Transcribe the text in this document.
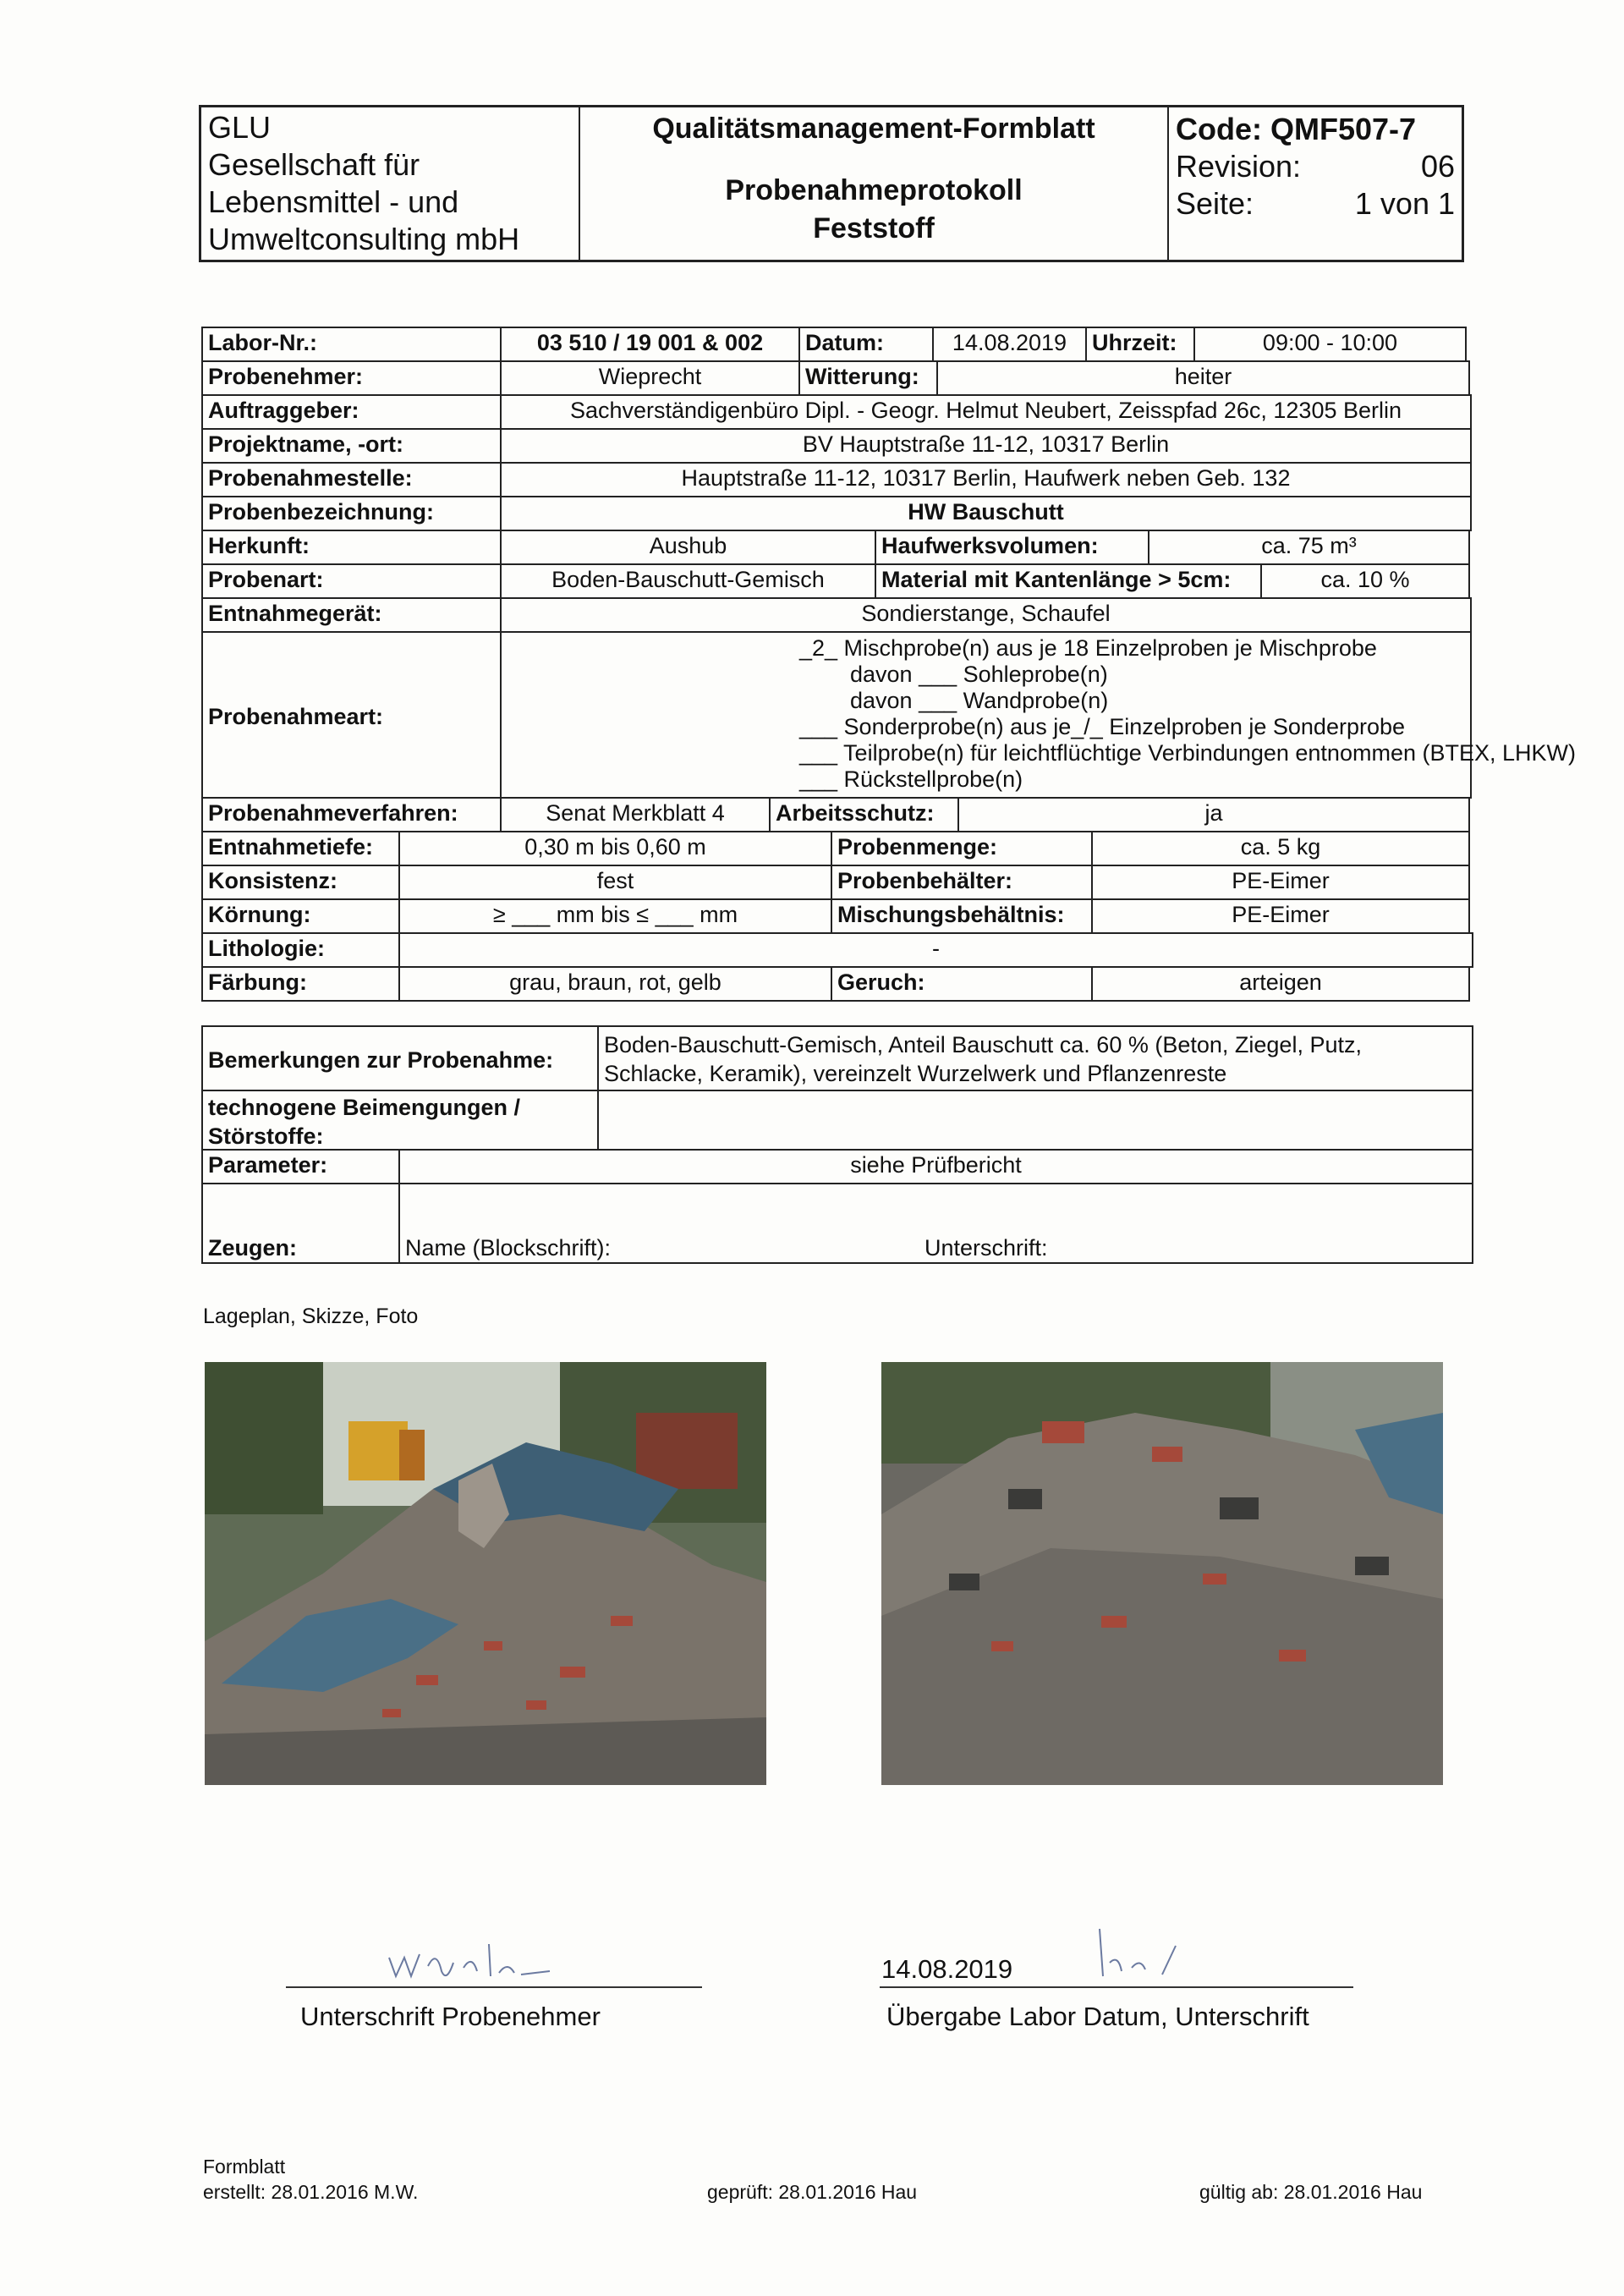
GLU
Gesellschaft für
Lebensmittel - und
Umweltconsulting mbH
Qualitätsmanagement-Formblatt
Probenahmeprotokoll
Feststoff
Code: QMF507-7
Revision:	06
Seite:	1 von 1
Labor-Nr.:	03 510 / 19 001 & 002	Datum:	14.08.2019	Uhrzeit:	09:00 - 10:00
Probenehmer:	Wieprecht	Witterung:	heiter
Auftraggeber:	Sachverständigenbüro Dipl. - Geogr. Helmut Neubert, Zeisspfad 26c, 12305 Berlin
Projektname, -ort:	BV Hauptstraße 11-12, 10317 Berlin
Probenahmestelle:	Hauptstraße 11-12, 10317 Berlin, Haufwerk neben Geb. 132
Probenbezeichnung:	HW Bauschutt
Herkunft:	Aushub	Haufwerksvolumen:	ca. 75 m³
Probenart:	Boden-Bauschutt-Gemisch	Material mit Kantenlänge > 5cm:	ca. 10 %
Entnahmegerät:	Sondierstange, Schaufel
Probenahmeart:
_2_ Mischprobe(n) aus je 18 Einzelproben je Mischprobe
davon ___ Sohleprobe(n)
davon ___ Wandprobe(n)
___ Sonderprobe(n) aus je_/_ Einzelproben je Sonderprobe
___ Teilprobe(n) für leichtflüchtige Verbindungen entnommen (BTEX, LHKW)
___ Rückstellprobe(n)
Probenahmeverfahren:	Senat Merkblatt 4	Arbeitsschutz:	ja
Entnahmetiefe:	0,30 m bis 0,60 m	Probenmenge:	ca. 5 kg
Konsistenz:	fest	Probenbehälter:	PE-Eimer
Körnung:	≥ ___ mm bis ≤ ___ mm	Mischungsbehältnis:	PE-Eimer
Lithologie:	-
Färbung:	grau, braun, rot, gelb	Geruch:	arteigen
Bemerkungen zur Probenahme:
Boden-Bauschutt-Gemisch, Anteil Bauschutt ca. 60 % (Beton, Ziegel, Putz,
Schlacke, Keramik), vereinzelt Wurzelwerk und Pflanzenreste
technogene Beimengungen /
Störstoffe:
Parameter:	siehe Prüfbericht
Zeugen:	Name (Blockschrift):	Unterschrift:
Lageplan, Skizze, Foto
Unterschrift Probenehmer
14.08.2019
Übergabe Labor Datum, Unterschrift
Formblatt
erstellt: 28.01.2016 M.W.	geprüft: 28.01.2016 Hau	gültig ab: 28.01.2016 Hau
